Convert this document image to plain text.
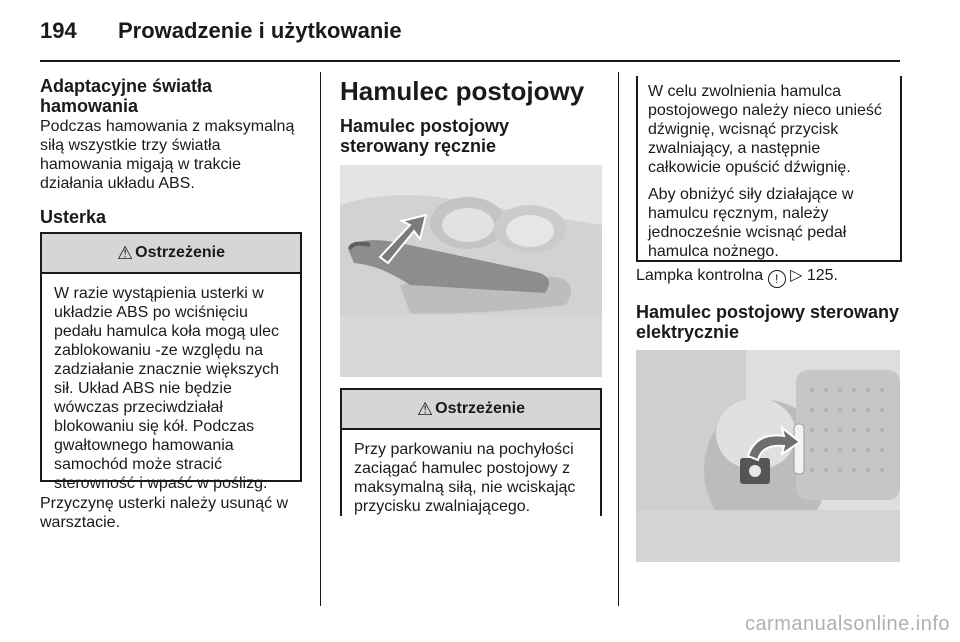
194 Prowadzenie i użytkowanie
Adaptacyjne światła hamowania

Podczas hamowania z maksymalną siłą wszystkie trzy światła hamowania migają w trakcie działania układu ABS.

Usterka
⚠ Ostrzeżenie
W razie wystąpienia usterki w układzie ABS po wciśnięciu pedału hamulca koła mogą ulec zablokowaniu -ze względu na zadziałanie znacznie większych sił. Układ ABS nie będzie wówczas przeciwdziałał blokowaniu się kół. Podczas gwałtownego hamowania samochód może stracić sterowność i wpaść w poślizg.

Przyczynę usterki należy usunąć w warsztacie.

Hamulec postojowy
Hamulec postojowy sterowany ręcznie
⚠ Ostrzeżenie
Przy parkowaniu na pochyłości zaciągać hamulec postojowy z maksymalną siłą, nie wciskając przycisku zwalniającego.

W celu zwolnienia hamulca postojowego należy nieco unieść dźwignię, wcisnąć przycisk zwalniający, a następnie całkowicie opuścić dźwignię.

Aby obniżyć siły działające w hamulcu ręcznym, należy jednocześnie wcisnąć pedał hamulca nożnego.

Lampka kontrolna ! ▷ 125.
Hamulec postojowy sterowany elektrycznie
carmanualsonline.info
